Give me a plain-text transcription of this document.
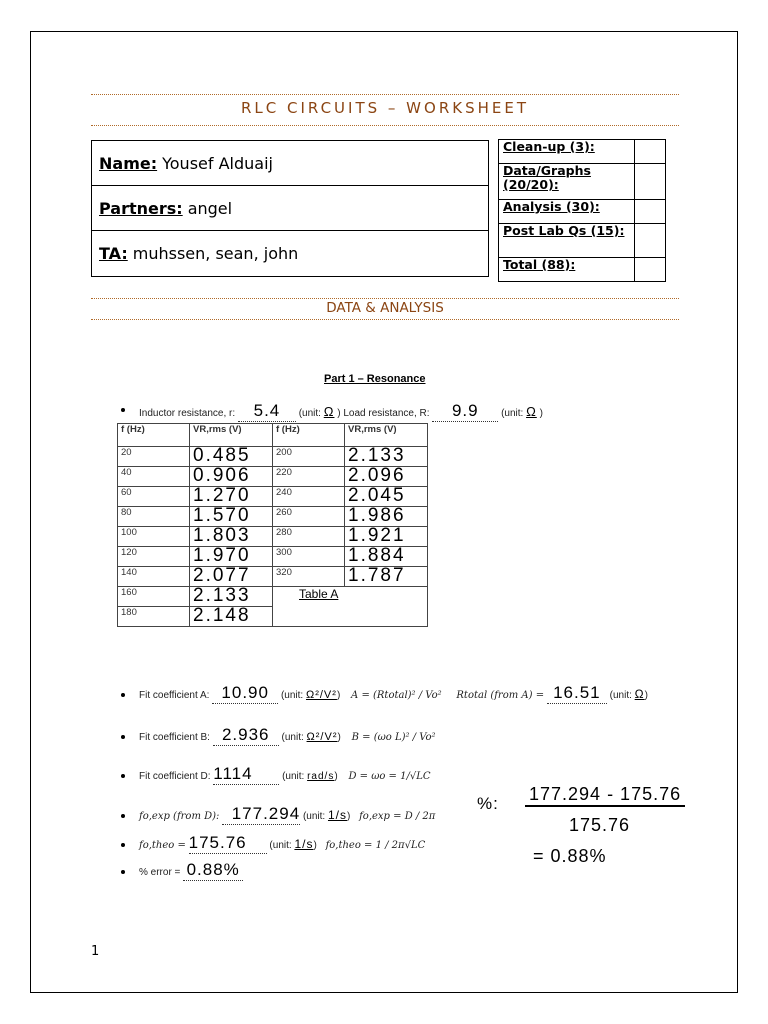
RLC CIRCUITS – WORKSHEET
Name: Yousef Alduaij
Partners: angel
TA: muhssen, sean, john
Clean-up (3):	
Data/Graphs (20/20):	
Analysis (30):	
Post Lab Qs (15):	
Total (88):	
DATA & ANALYSIS
Part 1 – Resonance
Inductor resistance, r: 5.4 (unit: Ω ) Load resistance, R: 9.9 (unit: Ω )
f (Hz)	VR,rms (V)	f (Hz)	VR,rms (V)
20	0.485	200	2.133

40	0.906	220	2.096

60	1.270	240	2.045

80	1.570	260	1.986

100	1.803	280	1.921

120	1.970	300	1.884

140	2.077	320	1.787

160	2.133	Table A	
180	2.148		
Fit coefficient A: 10.90 (unit: Ω²/V²) A = (Rtotal)² / Vo² Rtotal (from A) = 16.51 (unit: Ω)
Fit coefficient B: 2.936 (unit: Ω²/V²) B = (ωo L)² / Vo²
Fit coefficient D: 1114	(unit: rad/s) D = ωo = 1/√LC
fo,exp (from D): 177.294 (unit: 1/s) fo,exp = D / 2π
fo,theo = 175.76 (unit: 1/s) fo,theo = 1 / 2π√LC
% error = 0.88%
%: 177.294 - 175.76
175.76
= 0.88%
1
